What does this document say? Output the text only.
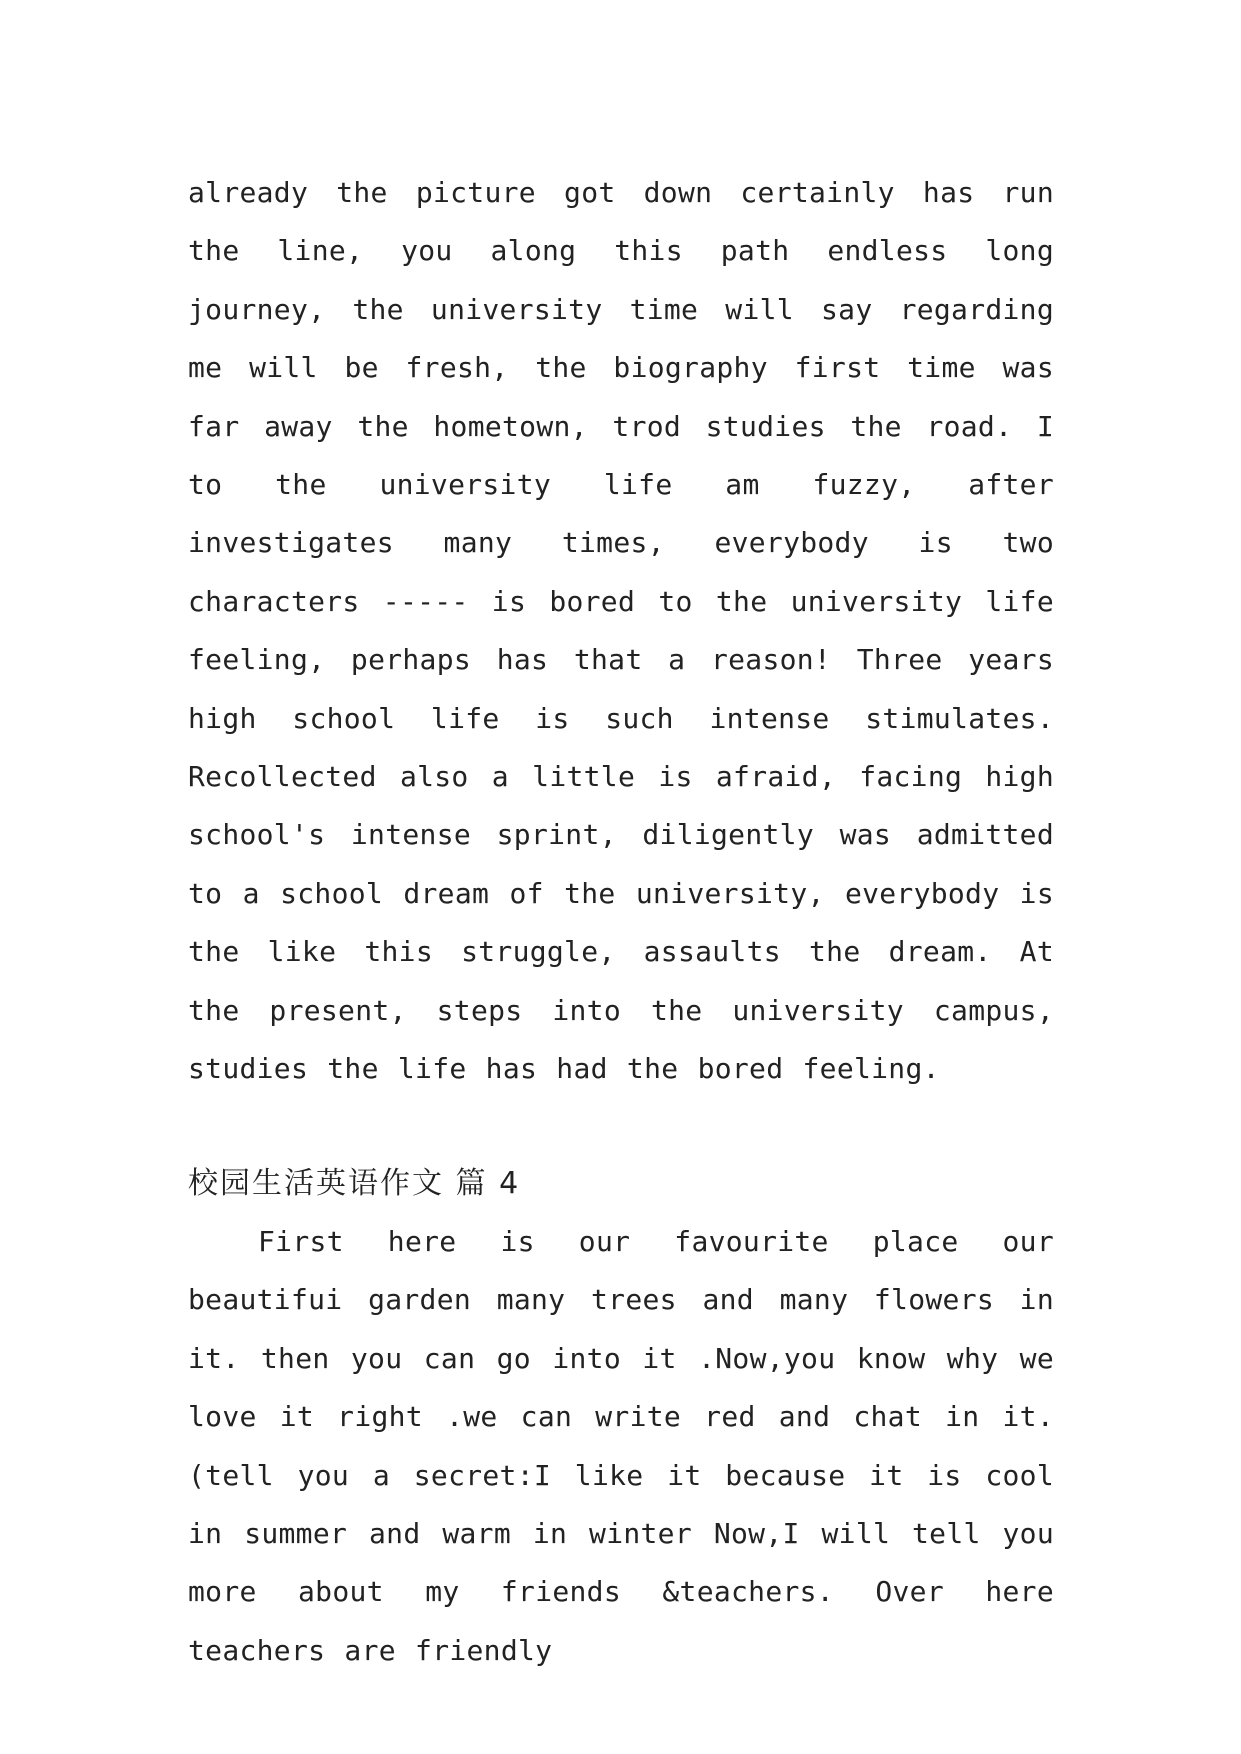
already the picture got down certainly has run the line, you along this path endless long journey, the university time will say regarding me will be fresh, the biography first time was far away the hometown, trod studies the road. I to the university life am fuzzy, after investigates many times, everybody is two characters ----- is bored to the university life feeling, perhaps has that a reason! Three years high school life is such intense stimulates. Recollected also a little is afraid, facing high school's intense sprint, diligently was admitted to a school dream of the university, everybody is the like this struggle, assaults the dream. At the present, steps into the university campus, studies the life has had the bored feeling.

校园生活英语作文 篇 4

First here is our favourite place our beautifui garden many trees and many flowers in it. then you can go into it .Now,you know why we love it right .we can write red and chat in it.(tell you a secret:I like it because it is cool in summer and warm in winter Now,I will tell you more about my friends &teachers. Over here teachers are friendly
